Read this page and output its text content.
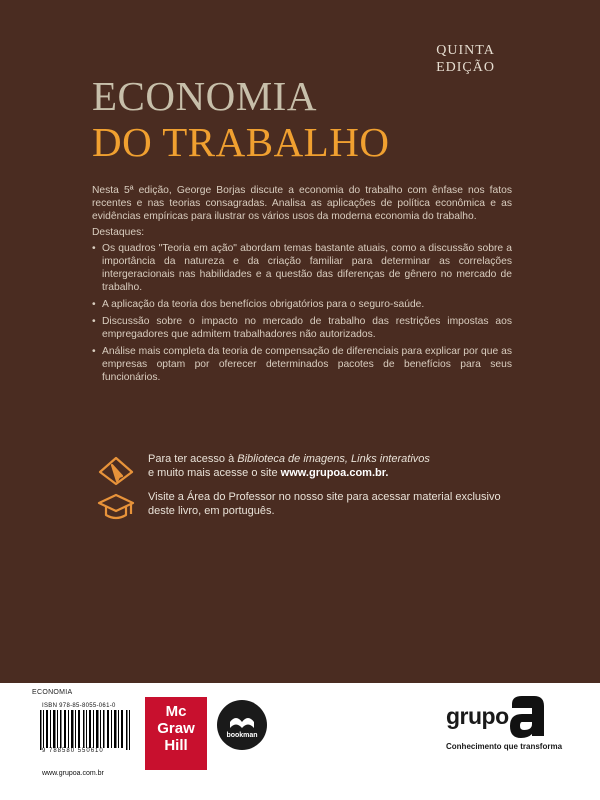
QUINTA
EDIÇÃO
ECONOMIA
DO TRABALHO

Nesta 5ª edição, George Borjas discute a economia do trabalho com ênfase nos fatos recentes e nas teorias consagradas. Analisa as aplicações de política econômica e as evidências empíricas para ilustrar os vários usos da moderna economia do trabalho.

Destaques:
• Os quadros "Teoria em ação" abordam temas bastante atuais, como a discussão sobre a importância da natureza e da criação familiar para determinar as correlações intergeracionais nas habilidades e a questão das diferenças de gênero no mercado de trabalho.
• A aplicação da teoria dos benefícios obrigatórios para o seguro-saúde.
• Discussão sobre o impacto no mercado de trabalho das restrições impostas aos empregadores que admitem trabalhadores não autorizados.
• Análise mais completa da teoria de compensação de diferenciais para explicar por que as empresas optam por oferecer determinados pacotes de benefícios para seus funcionários.
Para ter acesso à Biblioteca de imagens, Links interativos
e muito mais acesse o site www.grupoa.com.br.
Visite a Área do Professor no nosso site para acessar material exclusivo deste livro, em português.
ECONOMIA
ISBN 978-85-8055-061-0
9 788580 550610
www.grupoa.com.br
Mc
Graw
Hill
bookman
grupo
Conhecimento que transforma
